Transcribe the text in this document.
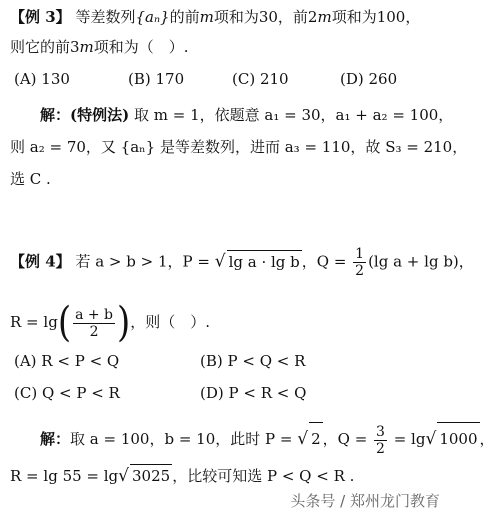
【例 3】 等差数列{aₙ}的前m项和为30，前2m项和为100，
则它的前3m项和为（　）.
(A) 130	(B) 170	(C) 210	(D) 260
解：(特例法) 取 m = 1，依题意 a₁ = 30，a₁ + a₂ = 100，
则 a₂ = 70，又 {aₙ} 是等差数列，进而 a₃ = 110，故 S₃ = 210，
选 C .
【例 4】 若 a > b > 1，P = √ lg a · lg b ，$Q = \frac{1}{2} (\lg$ a + lg b)，
$R = \lg( \frac{a + b}{2}$ )，则（　）.
(A) R < P < Q	(B) P < Q < R
(C) Q < P < R	(D) P < R < Q
解：取 a = 100，b = 10，此时 P = √ 2 ，$Q = \frac{3}{2} = \lg√$ 1000 ，
R = lg 55 = lg√ 3025 ，比较可知选 P < Q < R .
头条号 / 郑州龙门教育
